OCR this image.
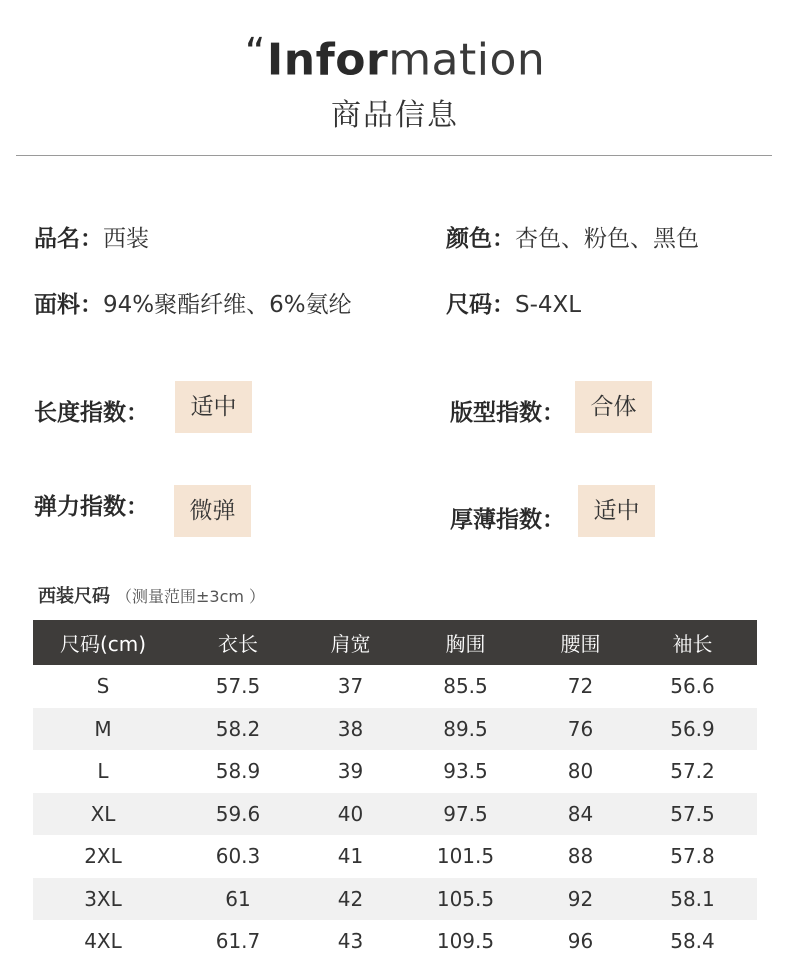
“Information
商品信息
品名：西装	颜色：杏色、粉色、黑色
面料：94%聚酯纤维、6%氨纶	尺码：S-4XL
长度指数：	适中	版型指数：	合体
弹力指数：	微弹	厚薄指数：	适中
西装尺码 （测量范围±3cm ）
尺码(cm)	衣长	肩宽	胸围	腰围	袖长
S	57.5	37	85.5	72	56.6
M	58.2	38	89.5	76	56.9
L	58.9	39	93.5	80	57.2
XL	59.6	40	97.5	84	57.5
2XL	60.3	41	101.5	88	57.8
3XL	61	42	105.5	92	58.1
4XL	61.7	43	109.5	96	58.4
